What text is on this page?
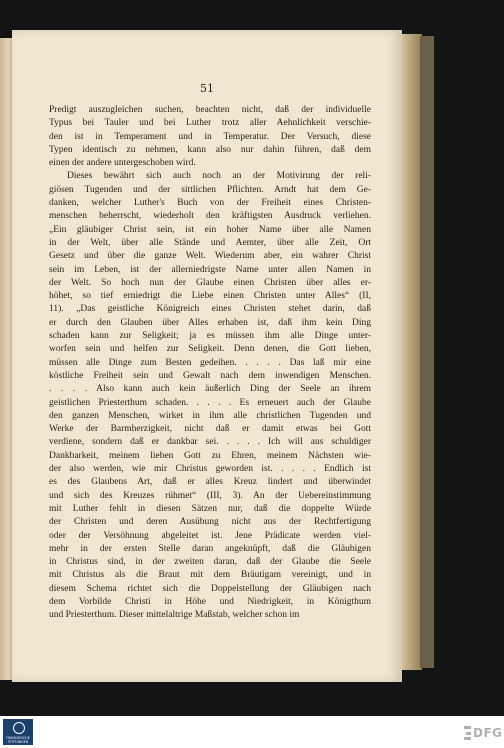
51
Predigt auszugleichen suchen, beachten nicht, daß der individuelle
Typus bei Tauler und bei Luther trotz aller Aehnlichkeit verschie-
den ist in Temperament und in Temperatur. Der Versuch, diese
Typen identisch zu nehmen, kann also nur dahin führen, daß dem
einen der andere untergeschoben wird.
Dieses bewährt sich auch noch an der Motivirung der reli-
giösen Tugenden und der sittlichen Pflichten. Arndt hat dem Ge-
danken, welcher Luther's Buch von der Freiheit eines Christen-
menschen beherrscht, wiederholt den kräftigsten Ausdruck verliehen.
„Ein gläubiger Christ sein, ist ein hoher Name über alle Namen
in der Welt, über alle Stände und Aemter, über alle Zeit, Ort
Gesetz und über die ganze Welt. Wiederum aber, ein wahrer Christ
sein im Leben, ist der allerniedrigste Name unter allen Namen in
der Welt. So hoch nun der Glaube einen Christen über alles er-
höhet, so tief erniedrigt die Liebe einen Christen unter Alles“ (II,
11). „Das geistliche Königreich eines Christen stehet darin, daß
er durch den Glauben über Alles erhaben ist, daß ihm kein Ding
schaden kann zur Seligkeit; ja es müssen ihm alle Dinge unter-
worfen sein und helfen zur Seligkeit. Denn denen, die Gott lieben,
müssen alle Dinge zum Besten gedeihen. . . . . Das laß mir eine
köstliche Freiheit sein und Gewalt nach dem inwendigen Menschen.
. . . . Also kann auch kein äußerlich Ding der Seele an ihrem
geistlichen Priesterthum schaden. . . . . Es erneuert auch der Glaube
den ganzen Menschen, wirket in ihm alle christlichen Tugenden und
Werke der Barmherzigkeit, nicht daß er damit etwas bei Gott
verdiene, sondern daß er dankbar sei. . . . . Ich will aus schuldiger
Dankbarkeit, meinem lieben Gott zu Ehren, meinem Nächsten wie-
der also werden, wie mir Christus geworden ist. . . . . Endlich ist
es des Glaubens Art, daß er alles Kreuz lindert und überwindet
und sich des Kreuzes rühmet“ (III, 3). An der Uebereinstimmung
mit Luther fehlt in diesen Sätzen nur, daß die doppelte Würde
der Christen und deren Ausübung nicht aus der Rechtfertigung
oder der Versöhnung abgeleitet ist. Jene Prädicate werden viel-
mehr in der ersten Stelle daran angeknüpft, daß die Gläubigen
in Christus sind, in der zweiten daran, daß der Glaube die Seele
mit Christus als die Braut mit dem Bräutigam vereinigt, und in
diesem Schema richtet sich die Doppelstellung der Gläubigen nach
dem Vorbilde Christi in Höhe und Niedrigkeit, in Königthum
und Priesterthum. Dieser mittelaltrige Maßstab, welcher schon im
FRANCKESCHE
STIFTUNGEN
DFG
